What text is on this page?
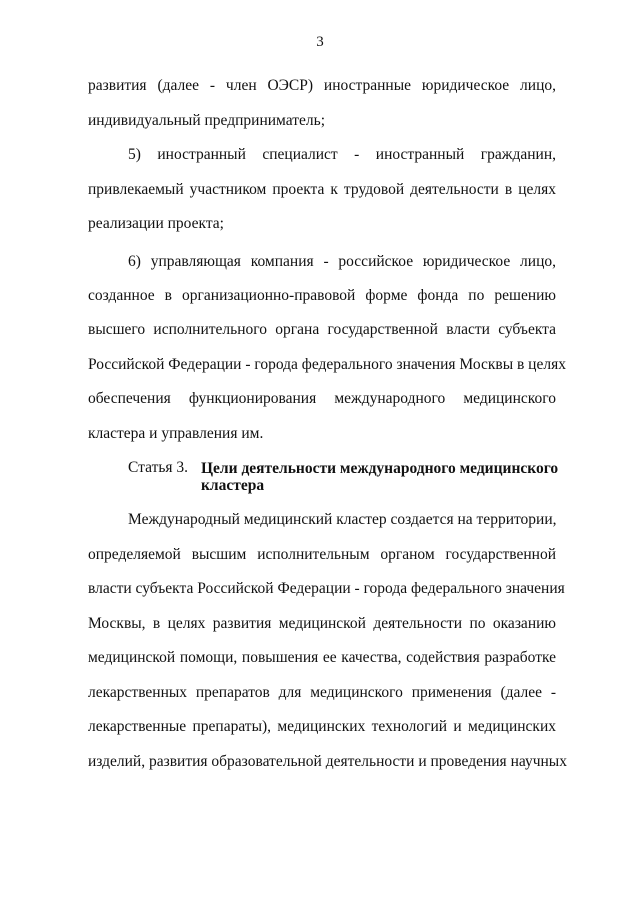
3
развития (далее - член ОЭСР) иностранные юридическое лицо,
индивидуальный предприниматель;
5) иностранный специалист - иностранный гражданин,
привлекаемый участником проекта к трудовой деятельности в целях
реализации проекта;
6) управляющая компания - российское юридическое лицо,
созданное в организационно-правовой форме фонда по решению
высшего исполнительного органа государственной власти субъекта
Российской Федерации - города федерального значения Москвы в целях
обеспечения функционирования международного медицинского
кластера и управления им.
Статья 3. Цели деятельности международного медицинского
кластера
Международный медицинский кластер создается на территории,
определяемой высшим исполнительным органом государственной
власти субъекта Российской Федерации - города федерального значения
Москвы, в целях развития медицинской деятельности по оказанию
медицинской помощи, повышения ее качества, содействия разработке
лекарственных препаратов для медицинского применения (далее -
лекарственные препараты), медицинских технологий и медицинских
изделий, развития образовательной деятельности и проведения научных
